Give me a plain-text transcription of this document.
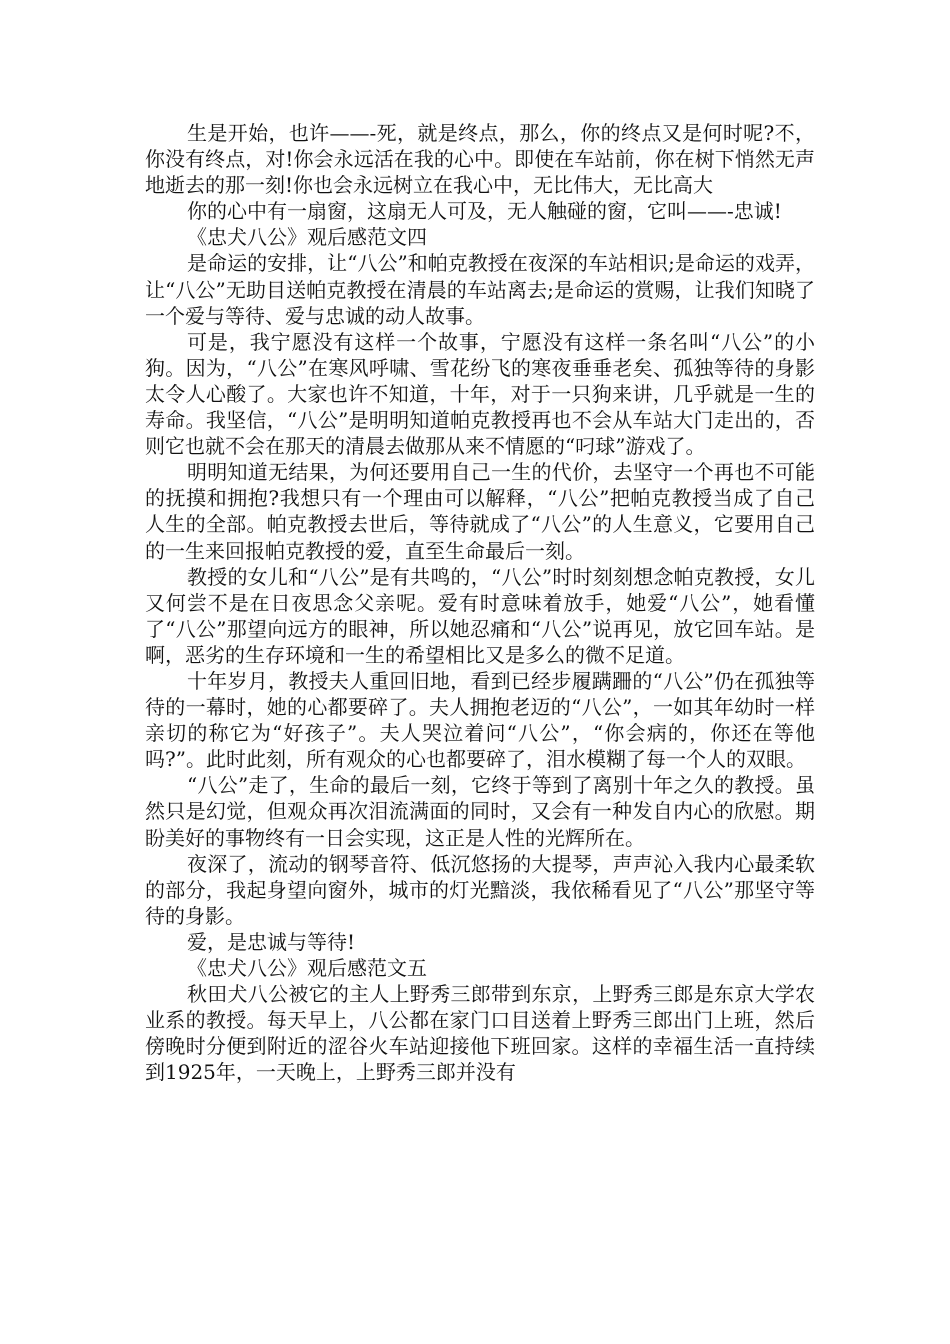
生是开始，也许——-死，就是终点，那么，你的终点又是何时呢?不，你没有终点，对!你会永远活在我的心中。即使在车站前，你在树下悄然无声地逝去的那一刻!你也会永远树立在我心中，无比伟大，无比高大

你的心中有一扇窗，这扇无人可及，无人触碰的窗，它叫——-忠诚!

《忠犬八公》观后感范文四

是命运的安排，让“八公”和帕克教授在夜深的车站相识;是命运的戏弄，让“八公”无助目送帕克教授在清晨的车站离去;是命运的赏赐，让我们知晓了一个爱与等待、爱与忠诚的动人故事。

可是，我宁愿没有这样一个故事，宁愿没有这样一条名叫“八公”的小狗。因为，“八公”在寒风呼啸、雪花纷飞的寒夜垂垂老矣、孤独等待的身影太令人心酸了。大家也许不知道，十年，对于一只狗来讲，几乎就是一生的寿命。我坚信，“八公”是明明知道帕克教授再也不会从车站大门走出的，否则它也就不会在那天的清晨去做那从来不情愿的“叼球”游戏了。

明明知道无结果，为何还要用自己一生的代价，去坚守一个再也不可能的抚摸和拥抱?我想只有一个理由可以解释，“八公”把帕克教授当成了自己人生的全部。帕克教授去世后，等待就成了“八公”的人生意义，它要用自己的一生来回报帕克教授的爱，直至生命最后一刻。

教授的女儿和“八公”是有共鸣的，“八公”时时刻刻想念帕克教授，女儿又何尝不是在日夜思念父亲呢。爱有时意味着放手，她爱“八公”，她看懂了“八公”那望向远方的眼神，所以她忍痛和“八公”说再见，放它回车站。是啊，恶劣的生存环境和一生的希望相比又是多么的微不足道。

十年岁月，教授夫人重回旧地，看到已经步履蹒跚的“八公”仍在孤独等待的一幕时，她的心都要碎了。夫人拥抱老迈的“八公”，一如其年幼时一样亲切的称它为“好孩子”。夫人哭泣着问“八公”，“你会病的，你还在等他吗?”。此时此刻，所有观众的心也都要碎了，泪水模糊了每一个人的双眼。

“八公”走了，生命的最后一刻，它终于等到了离别十年之久的教授。虽然只是幻觉，但观众再次泪流满面的同时，又会有一种发自内心的欣慰。期盼美好的事物终有一日会实现，这正是人性的光辉所在。

夜深了，流动的钢琴音符、低沉悠扬的大提琴，声声沁入我内心最柔软的部分，我起身望向窗外，城市的灯光黯淡，我依稀看见了“八公”那坚守等待的身影。

爱，是忠诚与等待!

《忠犬八公》观后感范文五

秋田犬八公被它的主人上野秀三郎带到东京，上野秀三郎是东京大学农业系的教授。每天早上，八公都在家门口目送着上野秀三郎出门上班，然后傍晚时分便到附近的涩谷火车站迎接他下班回家。这样的幸福生活一直持续到1925年，一天晚上，上野秀三郎并没有
